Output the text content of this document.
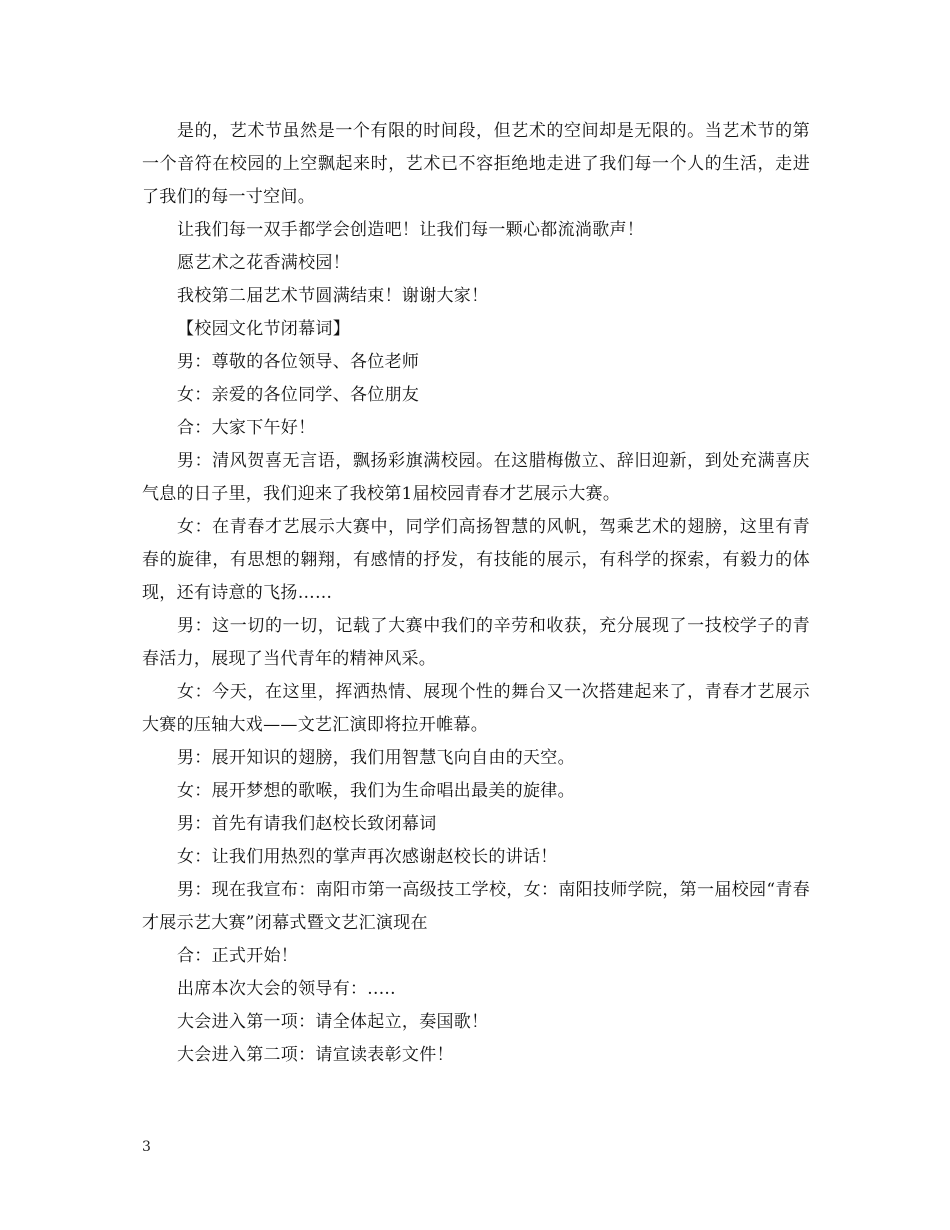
是的，艺术节虽然是一个有限的时间段，但艺术的空间却是无限的。当艺术节的第一个音符在校园的上空飘起来时，艺术已不容拒绝地走进了我们每一个人的生活，走进了我们的每一寸空间。

让我们每一双手都学会创造吧！让我们每一颗心都流淌歌声！

愿艺术之花香满校园！

我校第二届艺术节圆满结束！谢谢大家！

【校园文化节闭幕词】

男：尊敬的各位领导、各位老师

女：亲爱的各位同学、各位朋友

合：大家下午好！

男：清风贺喜无言语，飘扬彩旗满校园。在这腊梅傲立、辞旧迎新，到处充满喜庆气息的日子里，我们迎来了我校第1届校园青春才艺展示大赛。

女：在青春才艺展示大赛中，同学们高扬智慧的风帆，驾乘艺术的翅膀，这里有青春的旋律，有思想的翱翔，有感情的抒发，有技能的展示，有科学的探索，有毅力的体现，还有诗意的飞扬……

男：这一切的一切，记载了大赛中我们的辛劳和收获，充分展现了一技校学子的青春活力，展现了当代青年的精神风采。

女：今天，在这里，挥洒热情、展现个性的舞台又一次搭建起来了，青春才艺展示大赛的压轴大戏——文艺汇演即将拉开帷幕。

男：展开知识的翅膀，我们用智慧飞向自由的天空。

女：展开梦想的歌喉，我们为生命唱出最美的旋律。

男：首先有请我们赵校长致闭幕词

女：让我们用热烈的掌声再次感谢赵校长的讲话！

男：现在我宣布：南阳市第一高级技工学校，女：南阳技师学院，第一届校园“青春才展示艺大赛”闭幕式暨文艺汇演现在

合：正式开始！

出席本次大会的领导有：.....

大会进入第一项：请全体起立，奏国歌！

大会进入第二项：请宣读表彰文件！

3
